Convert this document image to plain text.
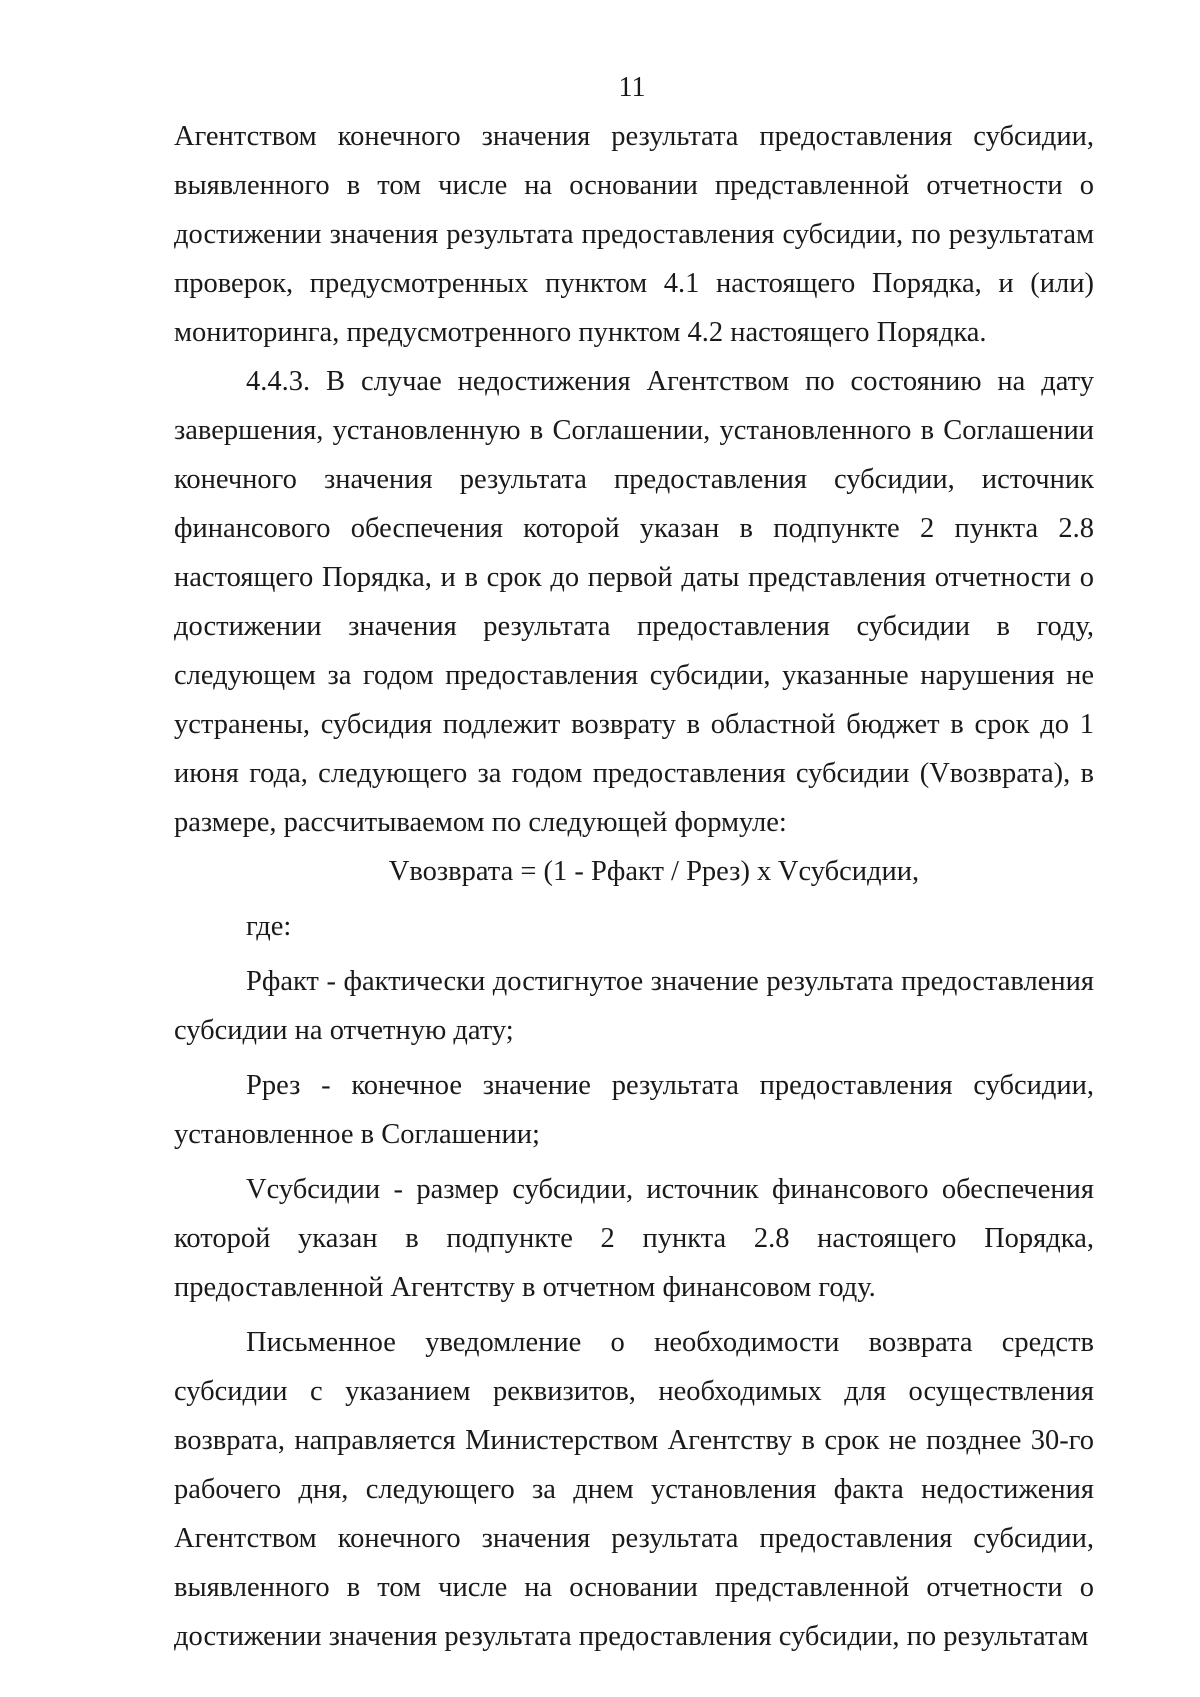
11

Агентством конечного значения результата предоставления субсидии, выявленного в том числе на основании представленной отчетности о достижении значения результата предоставления субсидии, по результатам проверок, предусмотренных пунктом 4.1 настоящего Порядка, и (или) мониторинга, предусмотренного пунктом 4.2 настоящего Порядка.

4.4.3. В случае недостижения Агентством по состоянию на дату завершения, установленную в Соглашении, установленного в Соглашении конечного значения результата предоставления субсидии, источник финансового обеспечения которой указан в подпункте 2 пункта 2.8 настоящего Порядка, и в срок до первой даты представления отчетности о достижении значения результата предоставления субсидии в году, следующем за годом предоставления субсидии, указанные нарушения не устранены, субсидия подлежит возврату в областной бюджет в срок до 1 июня года, следующего за годом предоставления субсидии (Vвозврата), в размере, рассчитываемом по следующей формуле:

Vвозврата = (1 - Рфакт / Рpез) x Vсубсидии,

где:

Рфакт - фактически достигнутое значение результата предоставления субсидии на отчетную дату;

Рpез - конечное значение результата предоставления субсидии, установленное в Соглашении;

Vсубсидии - размер субсидии, источник финансового обеспечения которой указан в подпункте 2 пункта 2.8 настоящего Порядка, предоставленной Агентству в отчетном финансовом году.

Письменное уведомление о необходимости возврата средств субсидии с указанием реквизитов, необходимых для осуществления возврата, направляется Министерством Агентству в срок не позднее 30-го рабочего дня, следующего за днем установления факта недостижения Агентством конечного значения результата предоставления субсидии, выявленного в том числе на основании представленной отчетности о достижении значения результата предоставления субсидии, по результатам
